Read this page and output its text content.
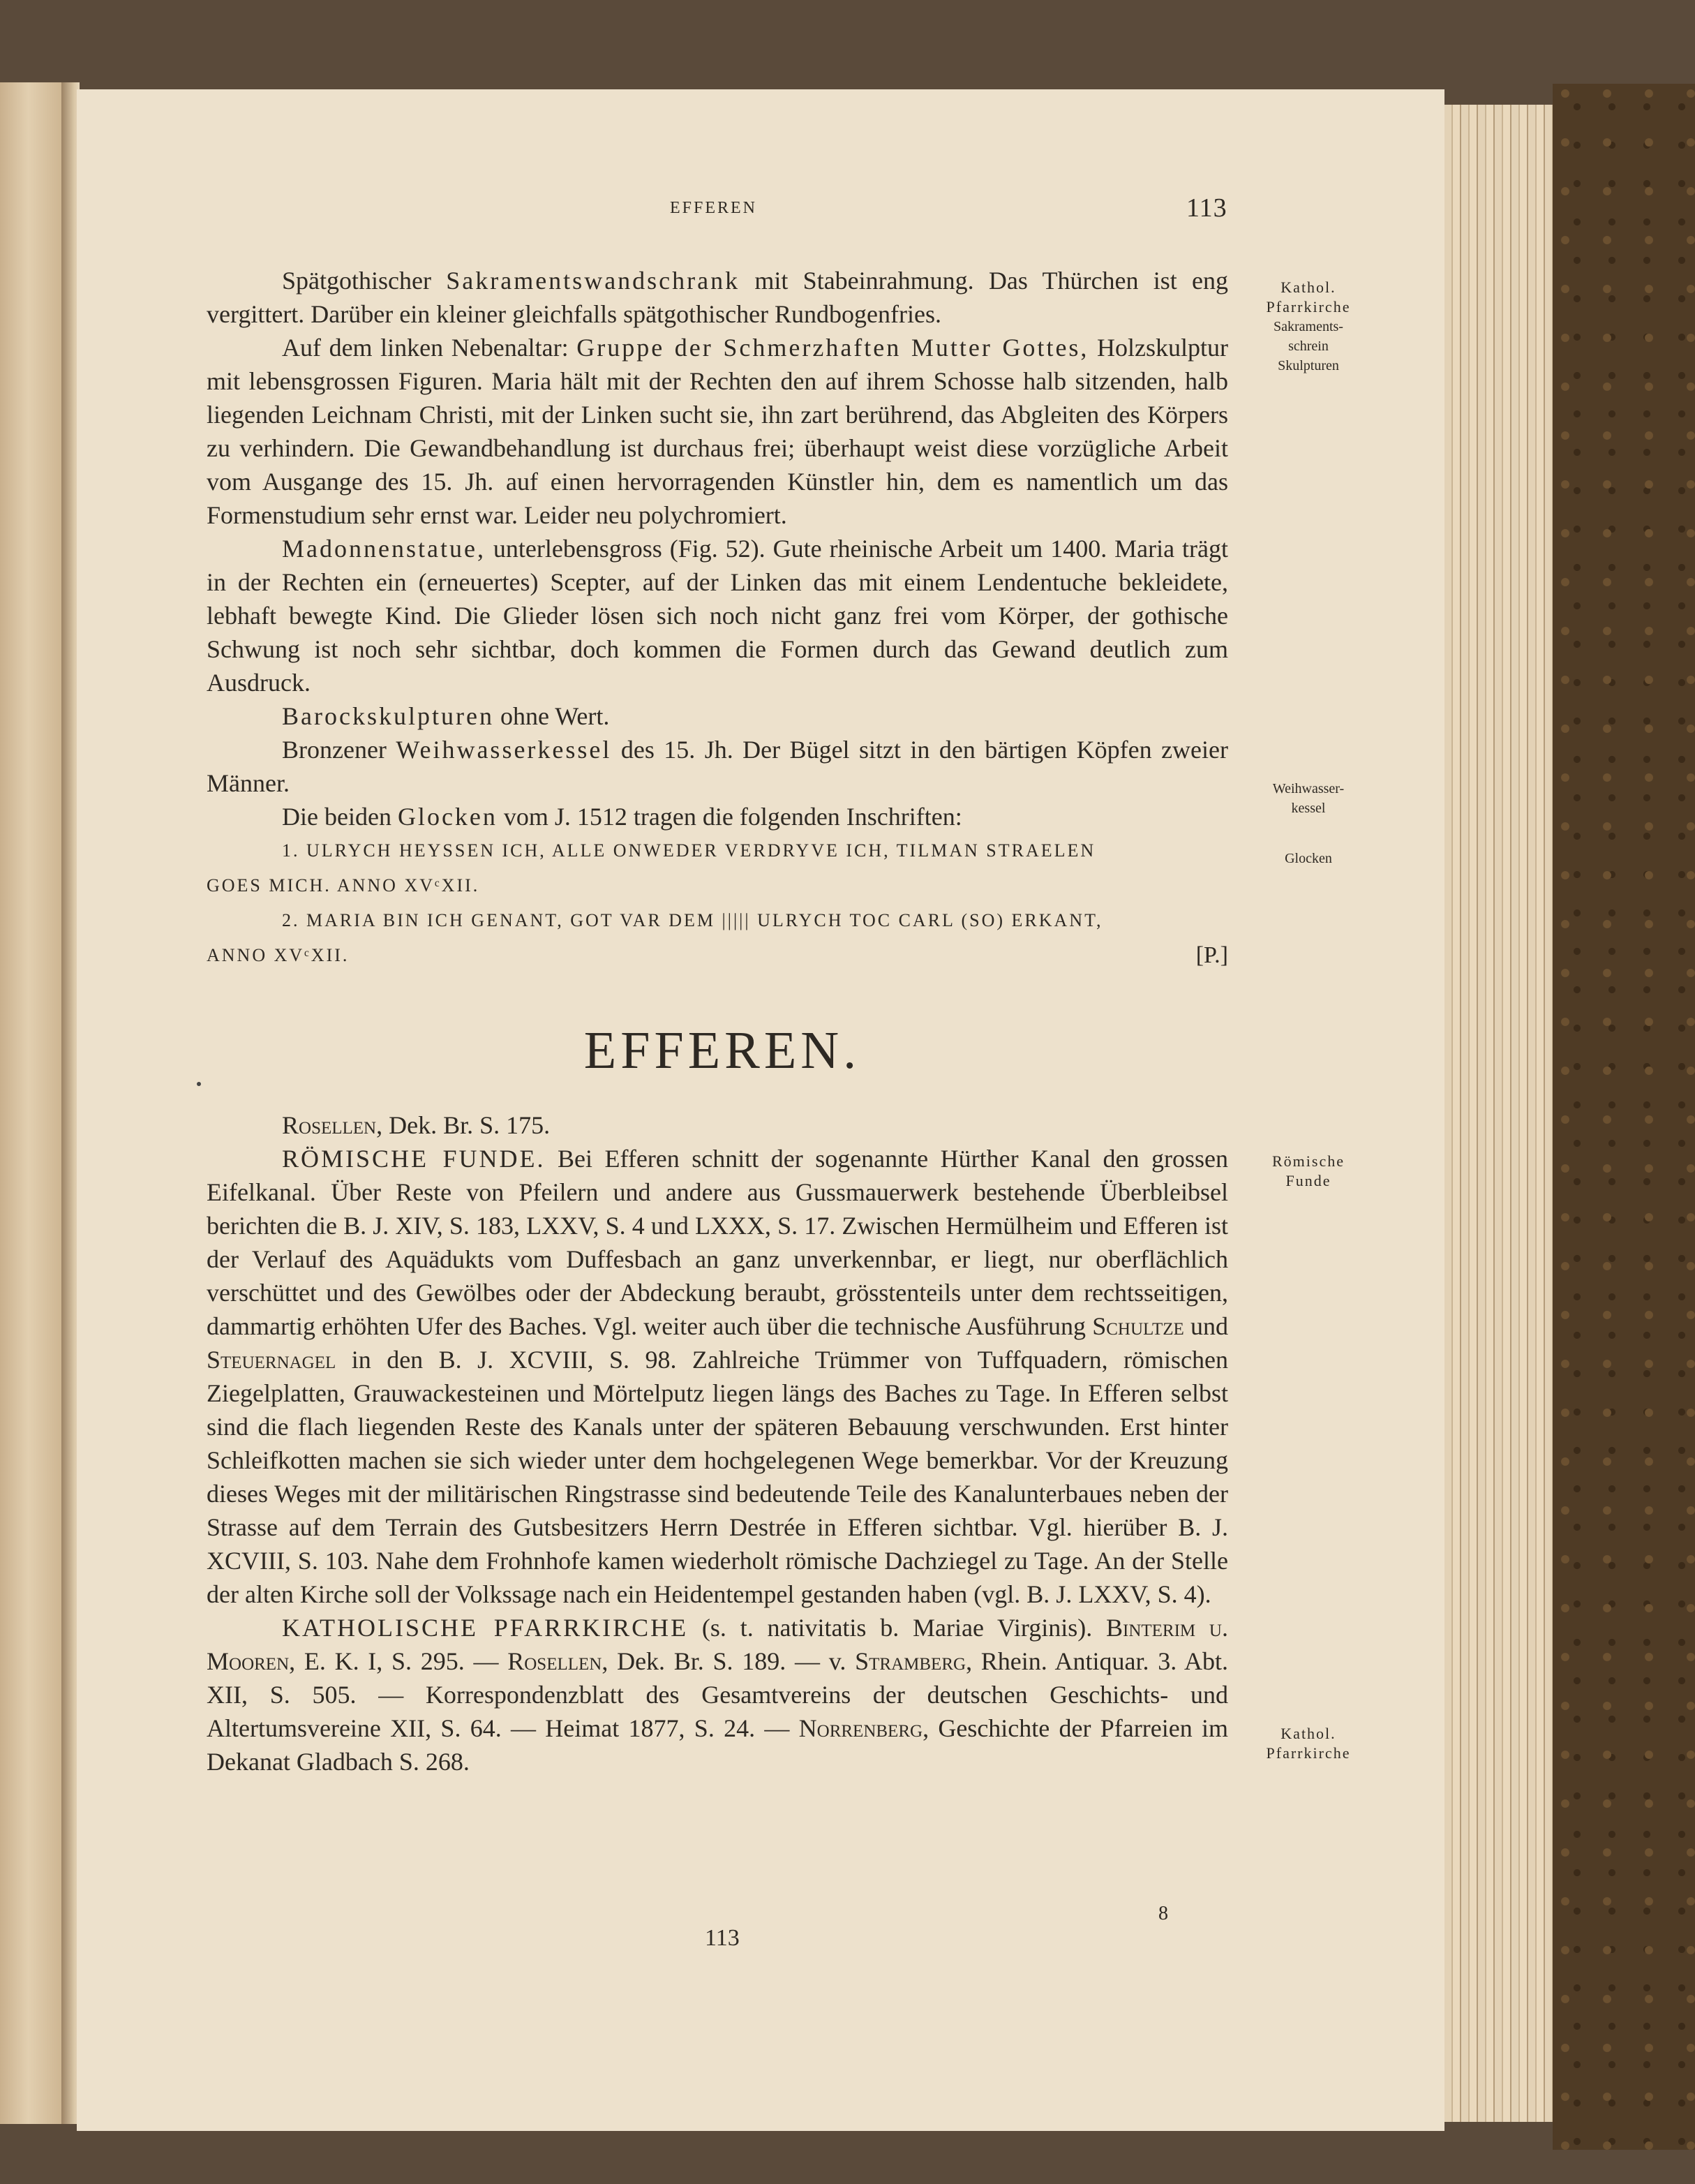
EFFEREN	113

Spätgothischer Sakramentswandschrank mit Stabeinrahmung. Das Thürchen ist eng vergittert. Darüber ein kleiner gleichfalls spätgothischer Rundbogenfries.

Auf dem linken Nebenaltar: Gruppe der Schmerzhaften Mutter Gottes, Holzskulptur mit lebensgrossen Figuren. Maria hält mit der Rechten den auf ihrem Schosse halb sitzenden, halb liegenden Leichnam Christi, mit der Linken sucht sie, ihn zart berührend, das Abgleiten des Körpers zu verhindern. Die Gewandbehandlung ist durchaus frei; überhaupt weist diese vorzügliche Arbeit vom Ausgange des 15. Jh. auf einen hervorragenden Künstler hin, dem es namentlich um das Formenstudium sehr ernst war. Leider neu polychromiert.

Madonnenstatue, unterlebensgross (Fig. 52). Gute rheinische Arbeit um 1400. Maria trägt in der Rechten ein (erneuertes) Scepter, auf der Linken das mit einem Lendentuche bekleidete, lebhaft bewegte Kind. Die Glieder lösen sich noch nicht ganz frei vom Körper, der gothische Schwung ist noch sehr sichtbar, doch kommen die Formen durch das Gewand deutlich zum Ausdruck.

Barockskulpturen ohne Wert.

Bronzener Weihwasserkessel des 15. Jh. Der Bügel sitzt in den bärtigen Köpfen zweier Männer.

Die beiden Glocken vom J. 1512 tragen die folgenden Inschriften:

1. ULRYCH HEYSSEN ICH, ALLE ONWEDER VERDRYVE ICH, TILMAN STRAELEN
GOES MICH. ANNO XVᶜXII.
2. MARIA BIN ICH GENANT, GOT VAR DEM ||||| ULRYCH TOC CARL (SO) ERKANT,
ANNO XVᶜXII.	[P.]
EFFEREN.

Rosellen, Dek. Br. S. 175.

RÖMISCHE FUNDE. Bei Efferen schnitt der sogenannte Hürther Kanal den grossen Eifelkanal. Über Reste von Pfeilern und andere aus Gussmauerwerk bestehende Überbleibsel berichten die B. J. XIV, S. 183, LXXV, S. 4 und LXXX, S. 17. Zwischen Hermülheim und Efferen ist der Verlauf des Aquädukts vom Duffesbach an ganz unverkennbar, er liegt, nur oberflächlich verschüttet und des Gewölbes oder der Abdeckung beraubt, grösstenteils unter dem rechtsseitigen, dammartig erhöhten Ufer des Baches. Vgl. weiter auch über die technische Ausführung Schultze und Steuernagel in den B. J. XCVIII, S. 98. Zahlreiche Trümmer von Tuffquadern, römischen Ziegelplatten, Grauwackesteinen und Mörtelputz liegen längs des Baches zu Tage. In Efferen selbst sind die flach liegenden Reste des Kanals unter der späteren Bebauung verschwunden. Erst hinter Schleifkotten machen sie sich wieder unter dem hochgelegenen Wege bemerkbar. Vor der Kreuzung dieses Weges mit der militärischen Ringstrasse sind bedeutende Teile des Kanalunterbaues neben der Strasse auf dem Terrain des Gutsbesitzers Herrn Destrée in Efferen sichtbar. Vgl. hierüber B. J. XCVIII, S. 103. Nahe dem Frohnhofe kamen wiederholt römische Dachziegel zu Tage. An der Stelle der alten Kirche soll der Volkssage nach ein Heidentempel gestanden haben (vgl. B. J. LXXV, S. 4).

KATHOLISCHE PFARRKIRCHE (s. t. nativitatis b. Mariae Virginis). Binterim u. Mooren, E. K. I, S. 295. — Rosellen, Dek. Br. S. 189. — v. Stramberg, Rhein. Antiquar. 3. Abt. XII, S. 505. — Korrespondenzblatt des Gesamtvereins der deutschen Geschichts- und Altertumsvereine XII, S. 64. — Heimat 1877, S. 24. — Norrenberg, Geschichte der Pfarreien im Dekanat Gladbach S. 268.

Kathol.
Pfarrkirche
Sakraments-
schrein
Skulpturen
Weihwasser-
kessel
Glocken
Römische
Funde
Kathol.
Pfarrkirche
8
113
